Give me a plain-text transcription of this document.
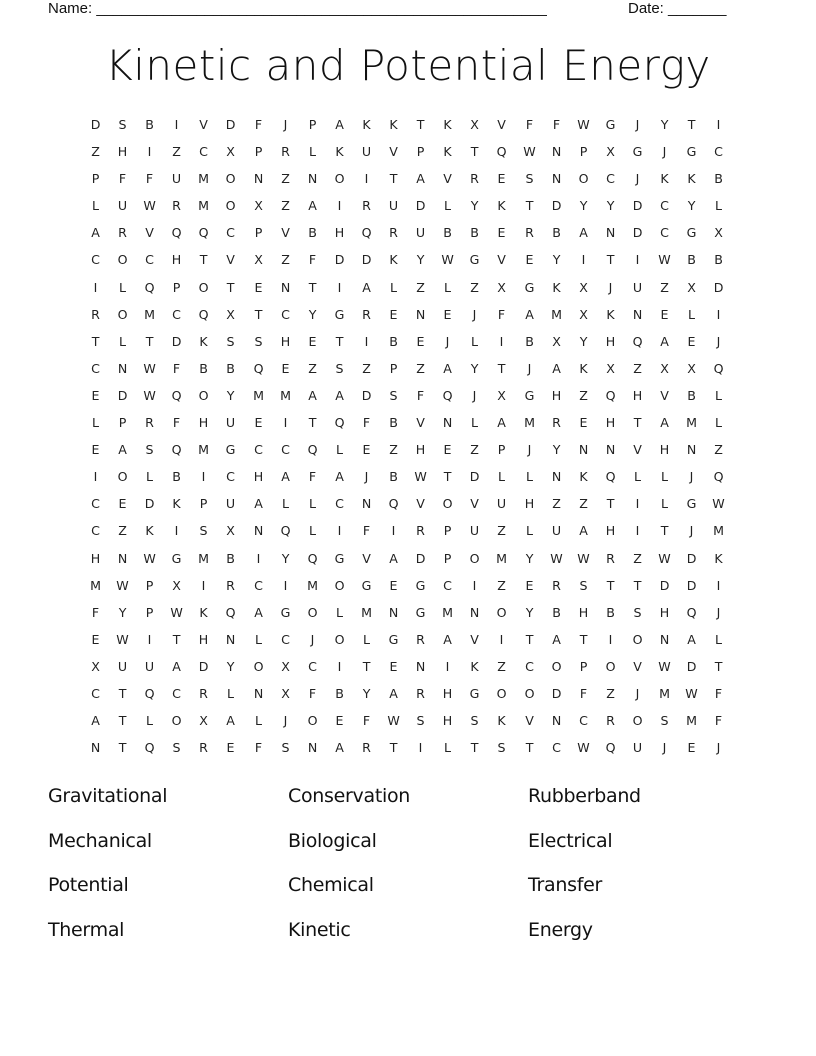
Name: ______________________________________________________	Date: _______
Kinetic and Potential Energy
D	S	B	I	V	D	F	J	P	A	K	K	T	K	X	V	F	F	W	G	J	Y	T	I
Z	H	I	Z	C	X	P	R	L	K	U	V	P	K	T	Q	W	N	P	X	G	J	G	C
P	F	F	U	M	O	N	Z	N	O	I	T	A	V	R	E	S	N	O	C	J	K	K	B
L	U	W	R	M	O	X	Z	A	I	R	U	D	L	Y	K	T	D	Y	Y	D	C	Y	L
A	R	V	Q	Q	C	P	V	B	H	Q	R	U	B	B	E	R	B	A	N	D	C	G	X
C	O	C	H	T	V	X	Z	F	D	D	K	Y	W	G	V	E	Y	I	T	I	W	B	B
I	L	Q	P	O	T	E	N	T	I	A	L	Z	L	Z	X	G	K	X	J	U	Z	X	D
R	O	M	C	Q	X	T	C	Y	G	R	E	N	E	J	F	A	M	X	K	N	E	L	I
T	L	T	D	K	S	S	H	E	T	I	B	E	J	L	I	B	X	Y	H	Q	A	E	J
C	N	W	F	B	B	Q	E	Z	S	Z	P	Z	A	Y	T	J	A	K	X	Z	X	X	Q
E	D	W	Q	O	Y	M	M	A	A	D	S	F	Q	J	X	G	H	Z	Q	H	V	B	L
L	P	R	F	H	U	E	I	T	Q	F	B	V	N	L	A	M	R	E	H	T	A	M	L
E	A	S	Q	M	G	C	C	Q	L	E	Z	H	E	Z	P	J	Y	N	N	V	H	N	Z
I	O	L	B	I	C	H	A	F	A	J	B	W	T	D	L	L	N	K	Q	L	L	J	Q
C	E	D	K	P	U	A	L	L	C	N	Q	V	O	V	U	H	Z	Z	T	I	L	G	W
C	Z	K	I	S	X	N	Q	L	I	F	I	R	P	U	Z	L	U	A	H	I	T	J	M
H	N	W	G	M	B	I	Y	Q	G	V	A	D	P	O	M	Y	W	W	R	Z	W	D	K
M	W	P	X	I	R	C	I	M	O	G	E	G	C	I	Z	E	R	S	T	T	D	D	I
F	Y	P	W	K	Q	A	G	O	L	M	N	G	M	N	O	Y	B	H	B	S	H	Q	J
E	W	I	T	H	N	L	C	J	O	L	G	R	A	V	I	T	A	T	I	O	N	A	L
X	U	U	A	D	Y	O	X	C	I	T	E	N	I	K	Z	C	O	P	O	V	W	D	T
C	T	Q	C	R	L	N	X	F	B	Y	A	R	H	G	O	O	D	F	Z	J	M	W	F
A	T	L	O	X	A	L	J	O	E	F	W	S	H	S	K	V	N	C	R	O	S	M	F
N	T	Q	S	R	E	F	S	N	A	R	T	I	L	T	S	T	C	W	Q	U	J	E	J
Gravitational	Conservation	Rubberband
Mechanical	Biological	Electrical
Potential	Chemical	Transfer
Thermal	Kinetic	Energy
